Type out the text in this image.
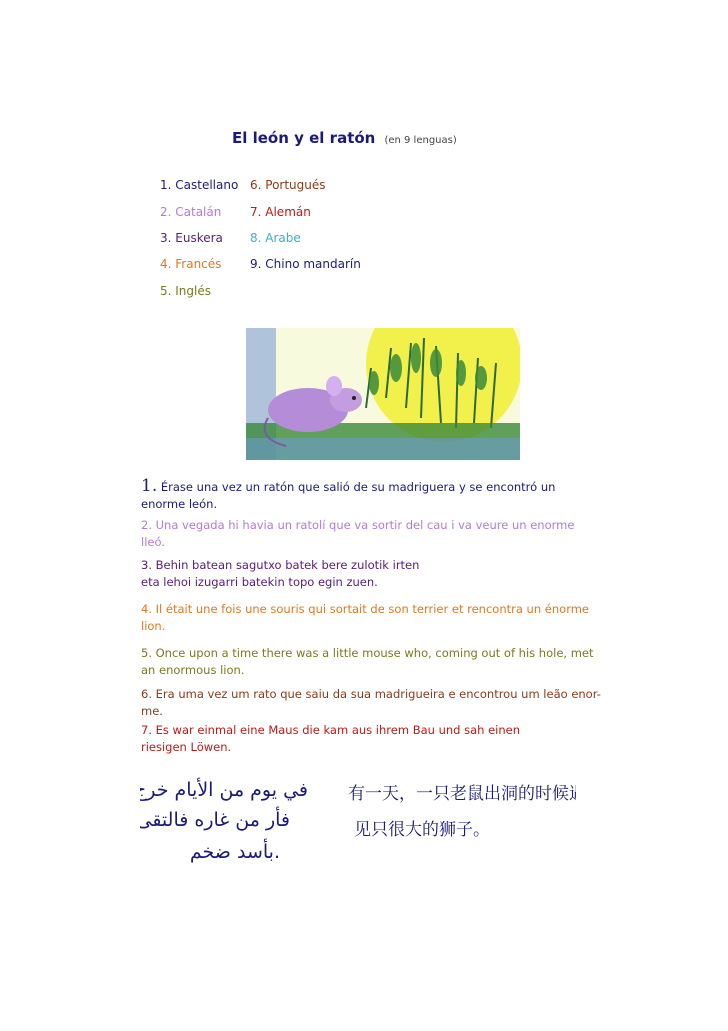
El león y el ratón (en 9 lenguas)
1. Castellano
2. Catalán
3. Euskera
4. Francés
5. Inglés
6. Portugués
7. Alemán
8. Arabe
9. Chino mandarín
1. Érase una vez un ratón que salió de su madriguera y se encontró un enorme león.
2. Una vegada hi havia un ratolí que va sortir del cau i va veure un enorme lleó.
3. Behin batean sagutxo batek bere zulotik irten eta lehoi izugarri batekin topo egin zuen.
4. Il était une fois une souris qui sortait de son terrier et rencontra un énorme lion.
5. Once upon a time there was a little mouse who, coming out of his hole, met an enormous lion.
6. Era uma vez um rato que saiu da sua madrigueira e encontrou um leão enor-me.
7. Es war einmal eine Maus die kam aus ihrem Bau und sah einen riesigen Löwen.
في يوم من الأيام خرج
فأر من غاره فالتقى
بأسد ضخم.
有一天，一只老鼠出洞的时候遇
见只很大的狮子。
